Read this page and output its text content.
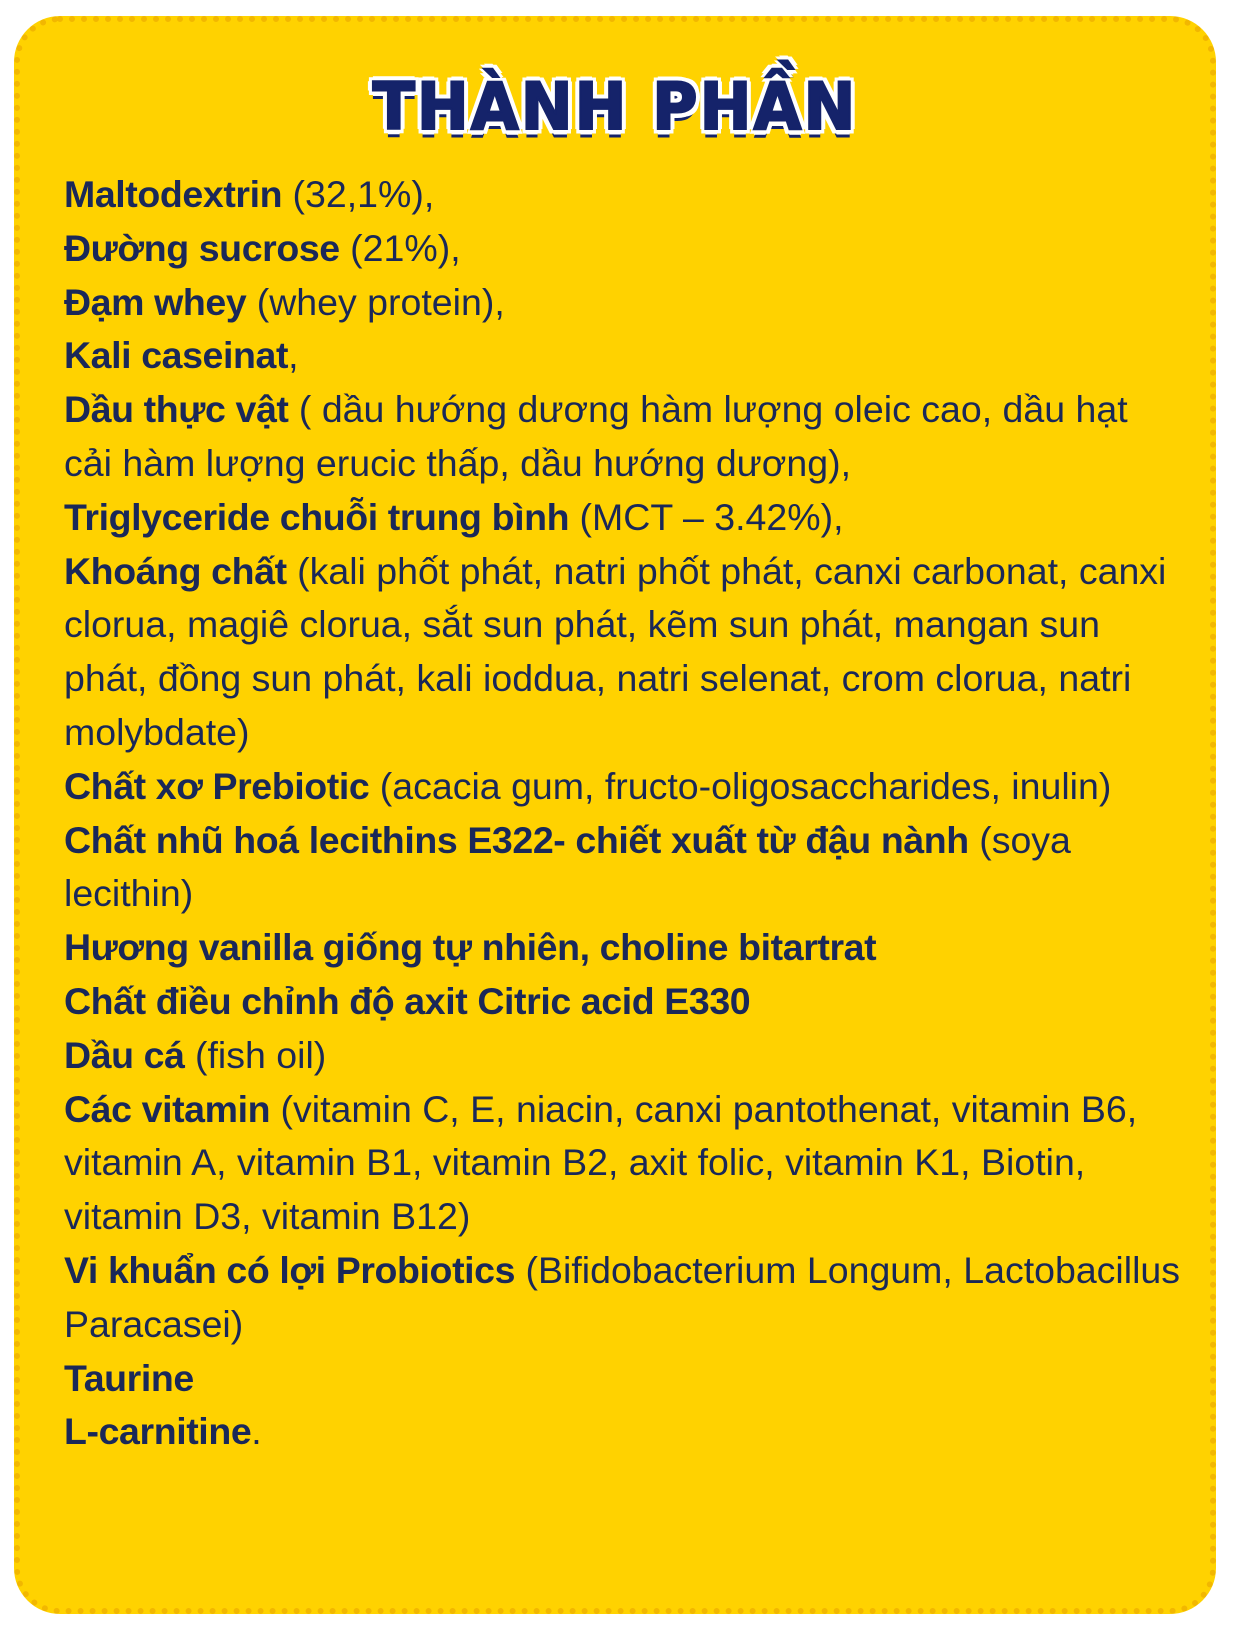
THÀNH PHẦN
Maltodextrin (32,1%),
Đường sucrose (21%),
Đạm whey (whey protein),
Kali caseinat,
Dầu thực vật ( dầu hướng dương hàm lượng oleic cao, dầu hạt cải hàm lượng erucic thấp, dầu hướng dương),
Triglyceride chuỗi trung bình (MCT – 3.42%),
Khoáng chất (kali phốt phát, natri phốt phát, canxi carbonat, canxi clorua, magiê clorua, sắt sun phát, kẽm sun phát, mangan sun phát, đồng sun phát, kali ioddua, natri selenat, crom clorua, natri molybdate)
Chất xơ Prebiotic (acacia gum, fructo-oligosaccharides, inulin)
Chất nhũ hoá lecithins E322- chiết xuất từ đậu nành (soya lecithin)
Hương vanilla giống tự nhiên, choline bitartrat
Chất điều chỉnh độ axit Citric acid E330
Dầu cá (fish oil)
Các vitamin (vitamin C, E, niacin, canxi pantothenat, vitamin B6, vitamin A, vitamin B1, vitamin B2, axit folic, vitamin K1, Biotin, vitamin D3, vitamin B12)
Vi khuẩn có lợi Probiotics (Bifidobacterium Longum, Lactobacillus Paracasei)
Taurine
L-carnitine.
